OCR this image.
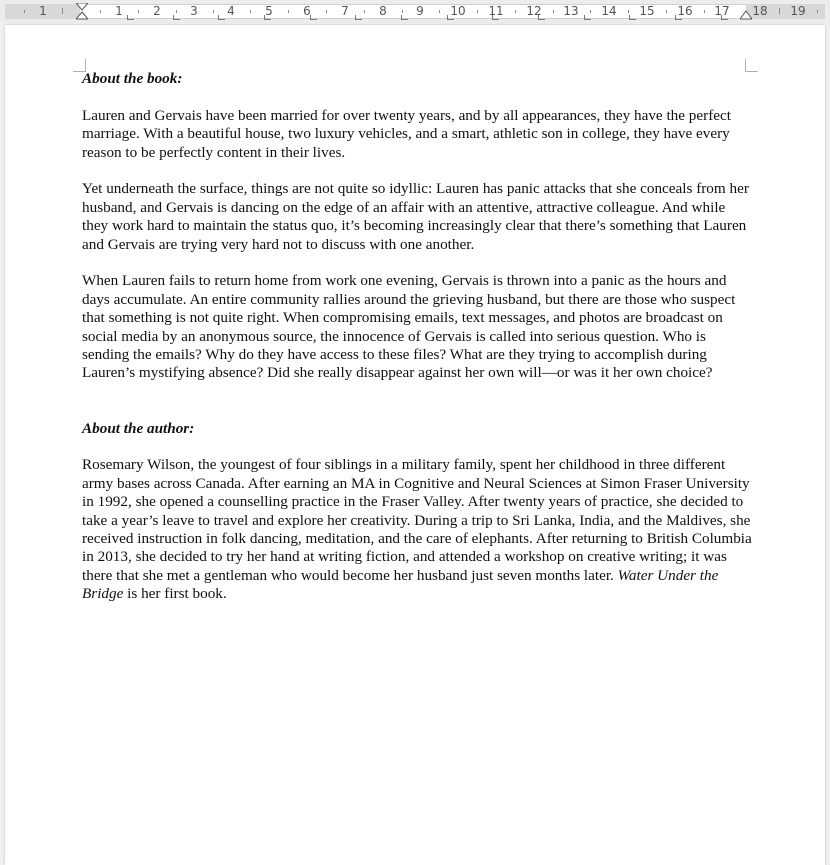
1	1	2 3 4	5	6	7	8 9 10 11 12 13 14 15 16 17 18 19

About the book:

Lauren and Gervais have been married for over twenty years, and by all appearances, they have the perfect marriage. With a beautiful house, two luxury vehicles, and a smart, athletic son in college, they have every reason to be perfectly content in their lives.

Yet underneath the surface, things are not quite so idyllic: Lauren has panic attacks that she conceals from her husband, and Gervais is dancing on the edge of an affair with an attentive, attractive colleague. And while they work hard to maintain the status quo, it’s becoming increasingly clear that there’s something that Lauren and Gervais are trying very hard not to discuss with one another.

When Lauren fails to return home from work one evening, Gervais is thrown into a panic as the hours and days accumulate. An entire community rallies around the grieving husband, but there are those who suspect that something is not quite right. When compromising emails, text messages, and photos are broadcast on social media by an anonymous source, the innocence of Gervais is called into serious question. Who is sending the emails? Why do they have access to these files? What are they trying to accomplish during Lauren’s mystifying absence? Did she really disappear against her own will—or was it her own choice?

About the author:

Rosemary Wilson, the youngest of four siblings in a military family, spent her childhood in three different army bases across Canada. After earning an MA in Cognitive and Neural Sciences at Simon Fraser University in 1992, she opened a counselling practice in the Fraser Valley. After twenty years of practice, she decided to take a year’s leave to travel and explore her creativity. During a trip to Sri Lanka, India, and the Maldives, she received instruction in folk dancing, meditation, and the care of elephants. After returning to British Columbia in 2013, she decided to try her hand at writing fiction, and attended a workshop on creative writing; it was there that she met a gentleman who would become her husband just seven months later. Water Under the Bridge is her first book.
